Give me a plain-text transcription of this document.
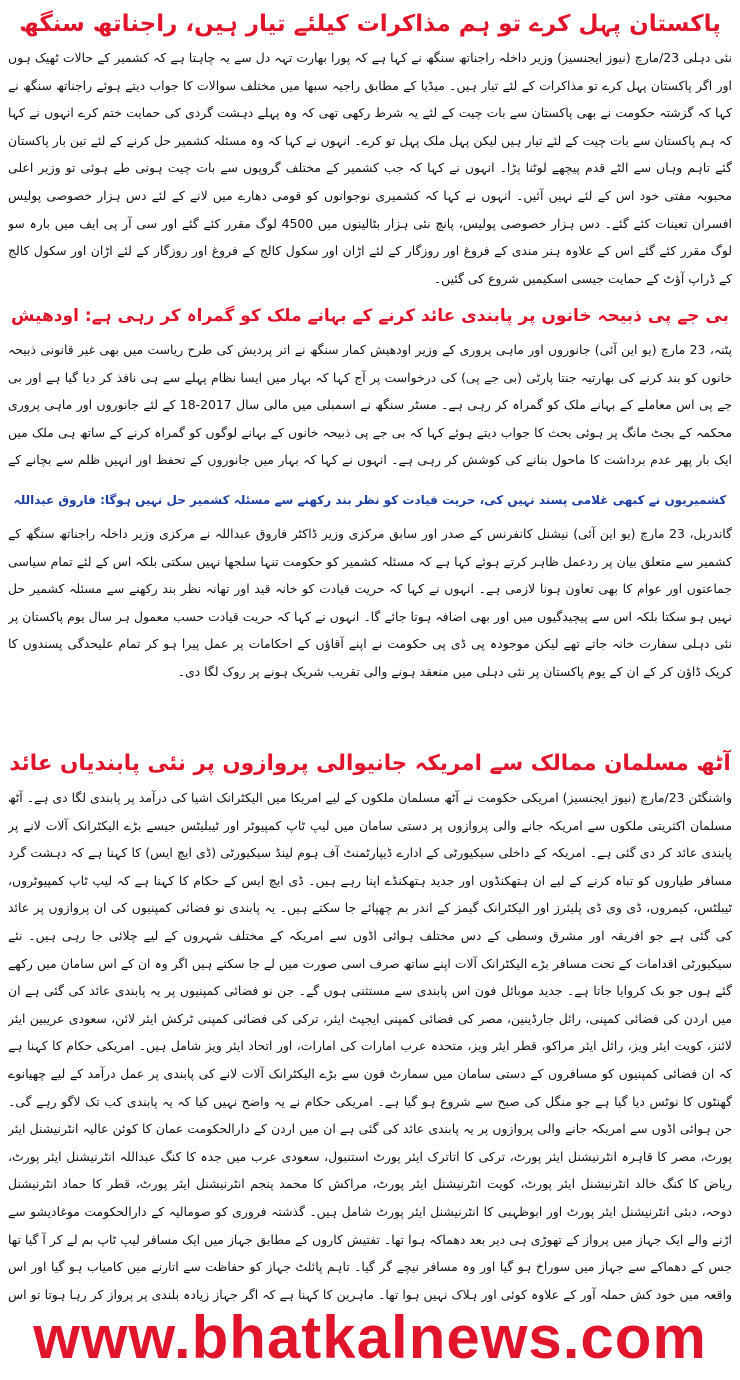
پاکستان پہل کرے تو ہم مذاکرات کیلئے تیار ہیں، راجناتھ سنگھ

نئی دہلی 23/مارچ (نیوز ایجنسیز) وزیر داخلہ راجناتھ سنگھ نے کہا ہے کہ پورا بھارت تہہ دل سے یہ چاہتا ہے کہ کشمیر کے حالات ٹھیک ہوں اور اگر پاکستان پہل کرے تو مذاکرات کے لئے تیار ہیں۔ میڈیا کے مطابق راجیہ سبھا میں مختلف سوالات کا جواب دیتے ہوئے راجناتھ سنگھ نے کہا کہ گزشتہ حکومت نے بھی پاکستان سے بات چیت کے لئے یہ شرط رکھی تھی کہ وہ پہلے دہشت گردی کی حمایت ختم کرے انہوں نے کہا کہ ہم پاکستان سے بات چیت کے لئے تیار ہیں لیکن پہل ملک پہل تو کرے۔ انہوں نے کہا کہ وہ مسئلہ کشمیر حل کرنے کے لئے تین بار پاکستان گئے تاہم وہاں سے الٹے قدم پیچھے لوٹنا پڑا۔ انہوں نے کہا کہ جب کشمیر کے مختلف گروپوں سے بات چیت ہونی طے ہوئی تو وزیر اعلی محبوبہ مفتی خود اس کے لئے نہیں آئیں۔ انہوں نے کہا کہ کشمیری نوجوانوں کو قومی دھارے میں لانے کے لئے دس ہزار خصوصی پولیس افسران تعینات کئے گئے۔ دس ہزار خصوصی پولیس، پانچ نئی ہزار بٹالینوں میں 4500 لوگ مقرر کئے گئے اور سی آر پی ایف میں بارہ سو لوگ مقرر کئے گئے اس کے علاوہ ہنر مندی کے فروغ اور روزگار کے لئے اڑان اور سکول کالج کے فروغ اور روزگار کے لئے اڑان اور سکول کالج کے ڈراپ آؤٹ کے حمایت جیسی اسکیمیں شروع کی گئیں۔

بی جے پی ذبیحہ خانوں پر پابندی عائد کرنے کے بہانے ملک کو گمراہ کر رہی ہے: اودھیش

پٹنہ، 23 مارچ (یو این آئی) جانوروں اور ماہی پروری کے وزیر اودھیش کمار سنگھ نے اتر پردیش کی طرح ریاست میں بھی غیر قانونی ذبیحہ خانوں کو بند کرنے کی بھارتیہ جنتا پارٹی (بی جے پی) کی درخواست پر آج کہا کہ بہار میں ایسا نظام پہلے سے ہی نافذ کر دیا گیا ہے اور بی جے پی اس معاملے کے بہانے ملک کو گمراہ کر رہی ہے۔ مسٹر سنگھ نے اسمبلی میں مالی سال 2017-18 کے لئے جانوروں اور ماہی پروری محکمہ کے بجٹ مانگ پر ہوئی بحث کا جواب دیتے ہوئے کہا کہ بی جے پی ذبیحہ خانوں کے بہانے لوگوں کو گمراہ کرنے کے ساتھ ہی ملک میں ایک بار پھر عدم برداشت کا ماحول بنانے کی کوشش کر رہی ہے۔ انہوں نے کہا کہ بہار میں جانوروں کے تحفظ اور انہیں ظلم سے بچانے کے

کشمیریوں نے کبھی غلامی پسند نہیں کی، حریت قیادت کو نظر بند رکھنے سے مسئلہ کشمیر حل نہیں ہوگا: فاروق عبداللہ

گاندربل، 23 مارچ (یو این آئی) نیشنل کانفرنس کے صدر اور سابق مرکزی وزیر ڈاکٹر فاروق عبداللہ نے مرکزی وزیر داخلہ راجناتھ سنگھ کے کشمیر سے متعلق بیان پر ردعمل ظاہر کرتے ہوئے کہا ہے کہ مسئلہ کشمیر کو حکومت تنہا سلجھا نہیں سکتی بلکہ اس کے لئے تمام سیاسی جماعتوں اور عوام کا بھی تعاون ہونا لازمی ہے۔ انہوں نے کہا کہ حریت قیادت کو خانہ قید اور تھانہ نظر بند رکھنے سے مسئلہ کشمیر حل نہیں ہو سکتا بلکہ اس سے پیچیدگیوں میں اور بھی اضافہ ہوتا جائے گا۔ انہوں نے کہا کہ حریت قیادت حسب معمول ہر سال یوم پاکستان پر نئی دہلی سفارت خانہ جاتے تھے لیکن موجودہ پی ڈی پی حکومت نے اپنے آقاؤں کے احکامات پر عمل پیرا ہو کر تمام علیحدگی پسندوں کا کریک ڈاؤن کر کے ان کے یوم پاکستان پر نئی دہلی میں منعقد ہونے والی تقریب شریک ہونے پر روک لگا دی۔

آٹھ مسلمان ممالک سے امریکہ جانیوالی پروازوں پر نئی پابندیاں عائد

واشنگٹن 23/مارچ (نیوز ایجنسیز) امریکی حکومت نے آٹھ مسلمان ملکوں کے لیے امریکا میں الیکٹرانک اشیا کی درآمد پر پابندی لگا دی ہے۔ آٹھ مسلمان اکثریتی ملکوں سے امریکہ جانے والی پروازوں پر دستی سامان میں لیپ ٹاپ کمپیوٹر اور ٹیبلیٹس جیسے بڑے الیکٹرانک آلات لانے پر پابندی عائد کر دی گئی ہے۔ امریکہ کے داخلی سیکیورٹی کے ادارے ڈیپارٹمنٹ آف ہوم لینڈ سیکیورٹی (ڈی ایچ ایس) کا کہنا ہے کہ دہشت گرد مسافر طیاروں کو تباہ کرنے کے لیے ان ہتھکنڈوں اور جدید ہتھکنڈے اپنا رہے ہیں۔ ڈی ایچ ایس کے حکام کا کہنا ہے کہ لیپ ٹاپ کمپیوٹروں، ٹیبلٹس، کیمروں، ڈی وی ڈی پلیئرز اور الیکٹرانک گیمز کے اندر بم چھپائے جا سکتے ہیں۔ یہ پابندی نو فضائی کمپنیوں کی ان پروازوں پر عائد کی گئی ہے جو افریقہ اور مشرق وسطی کے دس مختلف ہوائی اڈوں سے امریکہ کے مختلف شہروں کے لیے چلائی جا رہی ہیں۔ نئے سیکیورٹی اقدامات کے تحت مسافر بڑے الیکٹرانک آلات اپنے ساتھ صرف اسی صورت میں لے جا سکتے ہیں اگر وہ ان کے اس سامان میں رکھے گئے ہوں جو بک کروایا جاتا ہے۔ جدید موبائل فون اس پابندی سے مستثنی ہوں گے۔ جن نو فضائی کمپنیوں پر یہ پابندی عائد کی گئی ہے ان میں اردن کی فضائی کمپنی، رائل جارڈینین، مصر کی فضائی کمپنی ایجپٹ ایئر، ترکی کی فضائی کمپنی ٹرکش ایئر لائن، سعودی عریبین ایئر لائنز، کویت ایئر ویز، رائل ایئر مراکو، قطر ایئر ویز، متحدہ عرب امارات کی امارات، اور اتحاد ایئر ویز شامل ہیں۔ امریکی حکام کا کہنا ہے کہ ان فضائی کمپنیوں کو مسافروں کے دستی سامان میں سمارٹ فون سے بڑے الیکٹرانک آلات لانے کی پابندی پر عمل درآمد کے لیے چھیانوے گھنٹوں کا نوٹس دیا گیا ہے جو منگل کی صبح سے شروع ہو گیا ہے۔ امریکی حکام نے یہ واضح نہیں کیا کہ یہ پابندی کب تک لاگو رہے گی۔ جن ہوائی اڈوں سے امریکہ جانے والی پروازوں پر یہ پابندی عائد کی گئی ہے ان میں اردن کے دارالحکومت عمان کا کوئن عالیہ انٹرنیشنل ایئر پورٹ، مصر کا قاہرہ انٹرنیشنل ایئر پورٹ، ترکی کا اتاترک ایئر پورٹ استنبول، سعودی عرب میں جدہ کا کنگ عبداللہ انٹرنیشنل ایئر پورٹ، ریاض کا کنگ خالد انٹرنیشنل ایئر پورٹ، کویت انٹرنیشنل ایئر پورٹ، مراکش کا محمد پنجم انٹرنیشنل ایئر پورٹ، قطر کا حماد انٹرنیشنل دوحہ، دبئی انٹرنیشنل ایئر پورٹ اور ابوظہبی کا انٹرنیشنل ایئر پورٹ شامل ہیں۔ گذشتہ فروری کو صومالیہ کے دارالحکومت موغادیشو سے اڑنے والے ایک جہاز میں پرواز کے تھوڑی ہی دیر بعد دھماکہ ہوا تھا۔ تفتیش کاروں کے مطابق جہاز میں ایک مسافر لیپ ٹاپ بم لے کر آ گیا تھا جس کے دھماکے سے جہاز میں سوراخ ہو گیا اور وہ مسافر نیچے گر گیا۔ تاہم پائلٹ جہاز کو حفاظت سے اتارنے میں کامیاب ہو گیا اور اس واقعہ میں خود کش حملہ آور کے علاوہ کوئی اور ہلاک نہیں ہوا تھا۔ ماہرین کا کہنا ہے کہ اگر جہاز زیادہ بلندی پر پرواز کر رہا ہوتا تو اس

www.bhatkalnews.com
